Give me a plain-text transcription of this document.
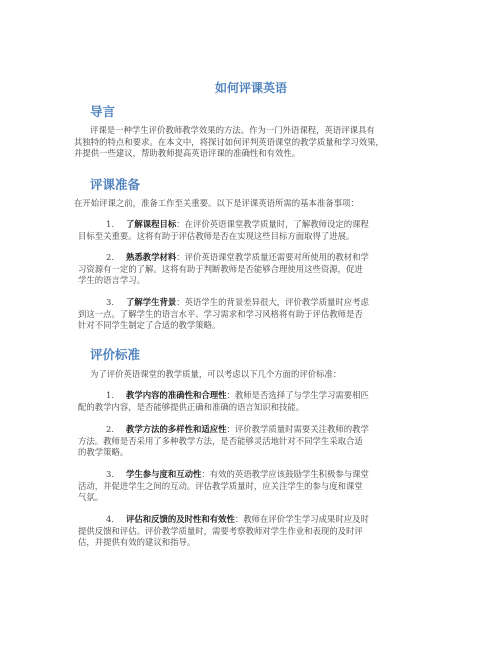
如何评课英语
导言
评课是一种学生评价教师教学效果的方法。作为一门外语课程，英语评课具有
其独特的特点和要求。在本文中，将探讨如何评判英语课堂的教学质量和学习效果，
并提供一些建议，帮助教师提高英语评课的准确性和有效性。
评课准备
在开始评课之前，准备工作至关重要。以下是评课英语所需的基本准备事项：
1. 了解课程目标：在评价英语课堂教学质量时，了解教师设定的课程
目标至关重要。这将有助于评估教师是否在实现这些目标方面取得了进展。
2. 熟悉教学材料：评价英语课堂教学质量还需要对所使用的教材和学
习资源有一定的了解。这将有助于判断教师是否能够合理使用这些资源，促进
学生的语言学习。
3. 了解学生背景：英语学生的背景差异很大，评价教学质量时应考虑
到这一点。了解学生的语言水平、学习需求和学习风格将有助于评估教师是否
针对不同学生制定了合适的教学策略。
评价标准
为了评价英语课堂的教学质量，可以考虑以下几个方面的评价标准：
1. 教学内容的准确性和合理性：教师是否选择了与学生学习需要相匹
配的教学内容，是否能够提供正确和准确的语言知识和技能。
2. 教学方法的多样性和适应性：评价教学质量时需要关注教师的教学
方法。教师是否采用了多种教学方法，是否能够灵活地针对不同学生采取合适
的教学策略。
3. 学生参与度和互动性：有效的英语教学应该鼓励学生积极参与课堂
活动，并促进学生之间的互动。评估教学质量时，应关注学生的参与度和课堂
气氛。
4. 评估和反馈的及时性和有效性：教师在评价学生学习成果时应及时
提供反馈和评估。评价教学质量时，需要考察教师对学生作业和表现的及时评
估，并提供有效的建议和指导。
